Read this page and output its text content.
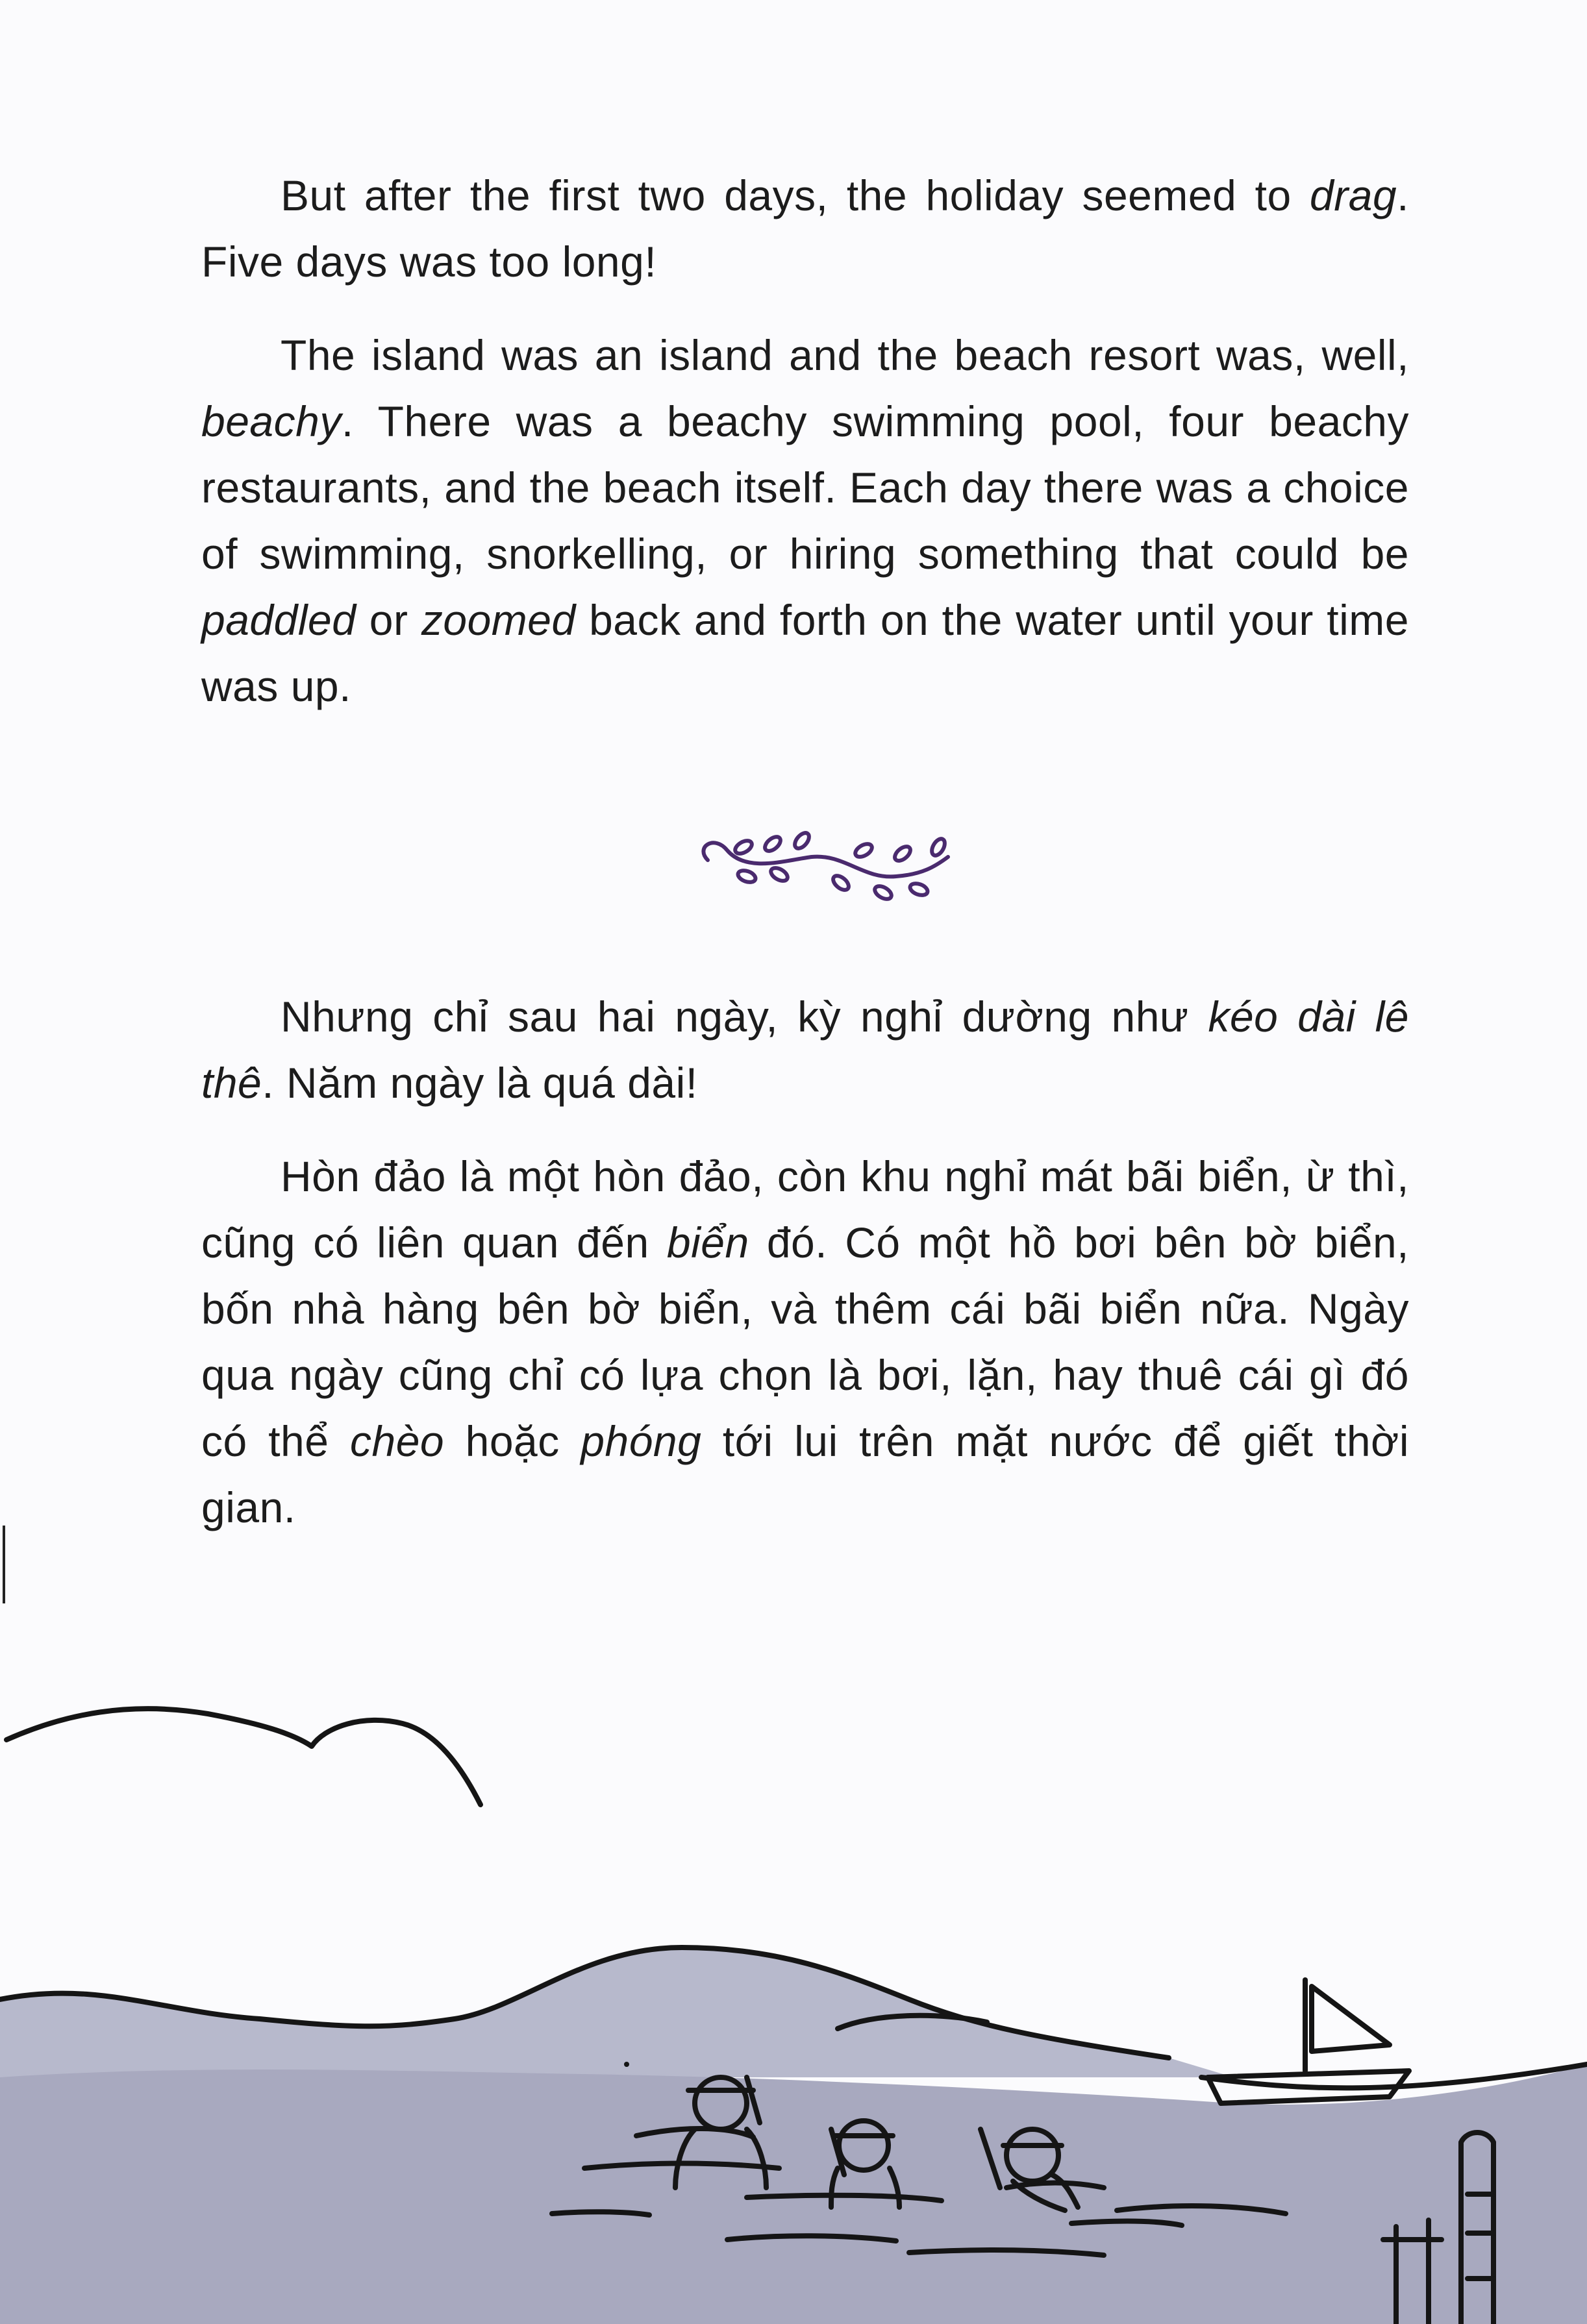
But after the first two days, the holiday seemed to drag. Five days was too long!

The island was an island and the beach resort was, well, beachy. There was a beachy swimming pool, four beachy restaurants, and the beach itself. Each day there was a choice of swimming, snorkelling, or hiring something that could be paddled or zoomed back and forth on the water until your time was up.

Nhưng chỉ sau hai ngày, kỳ nghỉ dường như kéo dài lê thê. Năm ngày là quá dài!

Hòn đảo là một hòn đảo, còn khu nghỉ mát bãi biển, ừ thì, cũng có liên quan đến biển đó. Có một hồ bơi bên bờ biển, bốn nhà hàng bên bờ biển, và thêm cái bãi biển nữa. Ngày qua ngày cũng chỉ có lựa chọn là bơi, lặn, hay thuê cái gì đó có thể chèo hoặc phóng tới lui trên mặt nước để giết thời gian.
